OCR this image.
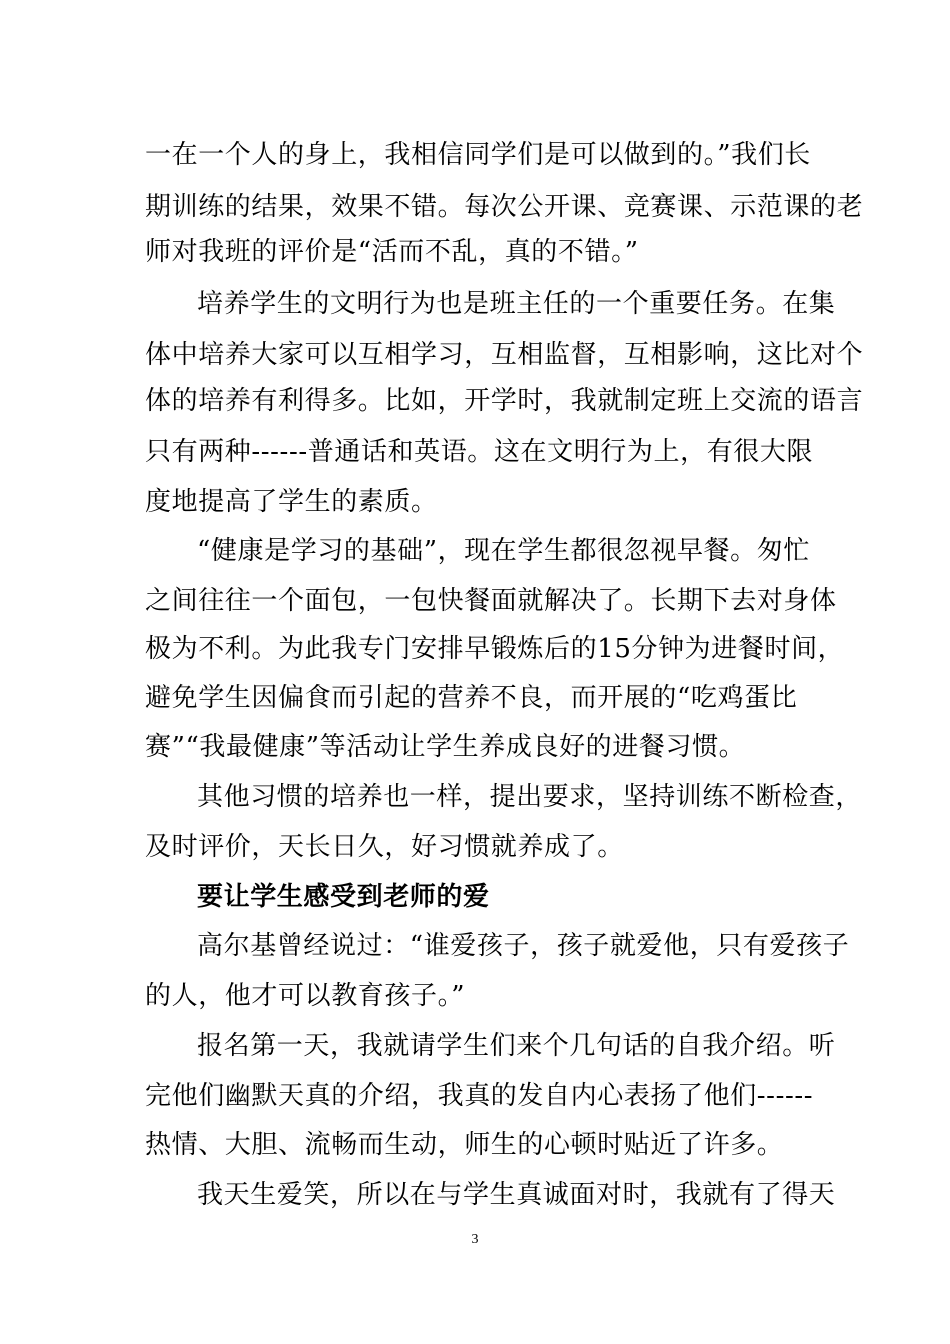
一在一个人的身上，我相信同学们是可以做到的。”我们长
期训练的结果，效果不错。每次公开课、竞赛课、示范课的老
师对我班的评价是“活而不乱，真的不错。”
培养学生的文明行为也是班主任的一个重要任务。在集
体中培养大家可以互相学习，互相监督，互相影响，这比对个
体的培养有利得多。比如，开学时，我就制定班上交流的语言
只有两种------普通话和英语。这在文明行为上，有很大限
度地提高了学生的素质。
“健康是学习的基础”，现在学生都很忽视早餐。匆忙
之间往往一个面包，一包快餐面就解决了。长期下去对身体
极为不利。为此我专门安排早锻炼后的15分钟为进餐时间，
避免学生因偏食而引起的营养不良，而开展的“吃鸡蛋比
赛”“我最健康”等活动让学生养成良好的进餐习惯。
其他习惯的培养也一样，提出要求，坚持训练不断检查，
及时评价，天长日久，好习惯就养成了。
要让学生感受到老师的爱
高尔基曾经说过：“谁爱孩子，孩子就爱他，只有爱孩子
的人，他才可以教育孩子。”
报名第一天，我就请学生们来个几句话的自我介绍。听
完他们幽默天真的介绍，我真的发自内心表扬了他们------
热情、大胆、流畅而生动，师生的心顿时贴近了许多。
我天生爱笑，所以在与学生真诚面对时，我就有了得天
3
